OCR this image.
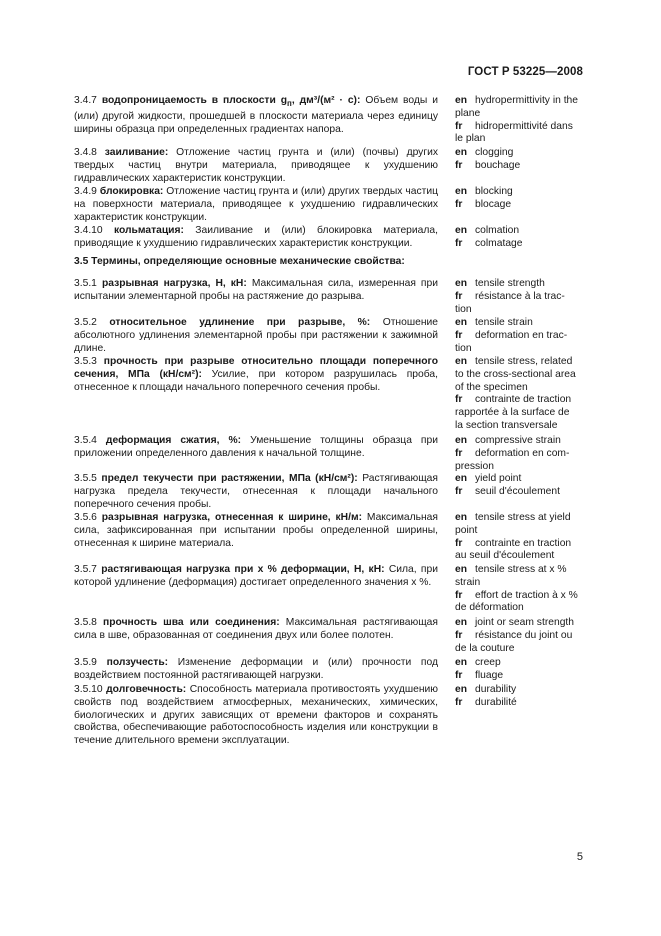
ГОСТ Р 53225—2008
3.4.7 водопроницаемость в плоскости $g_п$, дм³/(м² · с): Объем воды и (или) другой жидкости, прошедшей в плоскости материала через единицу ширины образца при определенных градиентах напора.
en hydropermittivity in the
plane
fr hidropermittivité dans
le plan
3.4.8 заиливание: Отложение частиц грунта и (или) (почвы) других твердых частиц внутри материала, приводящее к ухудшению гидравлических характеристик конструкции.
en clogging
fr bouchage
3.4.9 блокировка: Отложение частиц грунта и (или) других твердых частиц на поверхности материала, приводящее к ухудшению гидравлических характеристик конструкции.
en blocking
fr blocage
3.4.10 кольматация: Заиливание и (или) блокировка материала, приводящие к ухудшению гидравлических характеристик конструкции.
en colmation
fr colmatage
3.5 Термины, определяющие основные механические свойства:
3.5.1 разрывная нагрузка, Н, кН: Максимальная сила, измеренная при испытании элементарной пробы на растяжение до разрыва.
en tensile strength
fr résistance à la trac-
tion
3.5.2 относительное удлинение при разрыве, %: Отношение абсолютного удлинения элементарной пробы при растяжении к зажимной длине.
en tensile strain
fr deformation en trac-
tion
3.5.3 прочность при разрыве относительно площади поперечного сечения, МПа (кН/см²): Усилие, при котором разрушилась проба, отнесенное к площади начального поперечного сечения пробы.
en tensile stress, related
to the cross-sectional area
of the specimen
fr contrainte de traction
rapportée à la surface de
la section transversale
3.5.4 деформация сжатия, %: Уменьшение толщины образца при приложении определенного давления к начальной толщине.
en compressive strain
fr deformation en com-
pression
3.5.5 предел текучести при растяжении, МПа (кН/см²): Растягивающая нагрузка предела текучести, отнесенная к площади начального поперечного сечения пробы.
en yield point
fr seuil d'écoulement
3.5.6 разрывная нагрузка, отнесенная к ширине, кН/м: Максимальная сила, зафиксированная при испытании пробы определенной ширины, отнесенная к ширине материала.
en tensile stress at yield
point
fr contrainte en traction
au seuil d'écoulement
3.5.7 растягивающая нагрузка при x % деформации, Н, кН: Сила, при которой удлинение (деформация) достигает определенного значения x %.
en tensile stress at x %
strain
fr effort de traction à x %
de déformation
3.5.8 прочность шва или соединения: Максимальная растягивающая сила в шве, образованная от соединения двух или более полотен.
en joint or seam strength
fr résistance du joint ou
de la couture
3.5.9 ползучесть: Изменение деформации и (или) прочности под воздействием постоянной растягивающей нагрузки.
en creep
fr fluage
3.5.10 долговечность: Способность материала противостоять ухудшению свойств под воздействием атмосферных, механических, химических, биологических и других зависящих от времени факторов и сохранять свойства, обеспечивающие работоспособность изделия или конструкции в течение длительного времени эксплуатации.
en durability
fr durabilité
5
